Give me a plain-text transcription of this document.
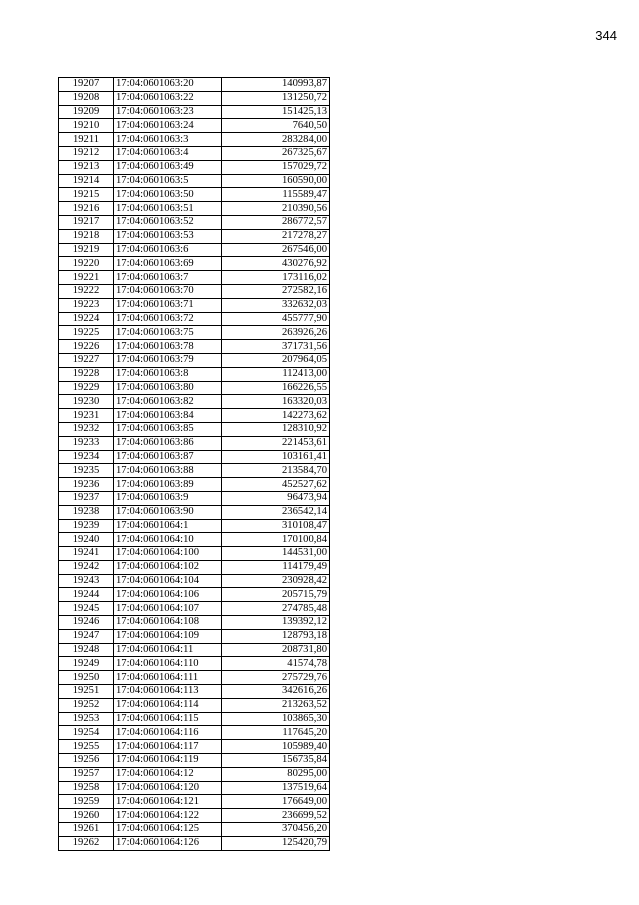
344
19207	17:04:0601063:20	140993,87
19208	17:04:0601063:22	131250,72
19209	17:04:0601063:23	151425,13
19210	17:04:0601063:24	7640,50
19211	17:04:0601063:3	283284,00
19212	17:04:0601063:4	267325,67
19213	17:04:0601063:49	157029,72
19214	17:04:0601063:5	160590,00
19215	17:04:0601063:50	115589,47
19216	17:04:0601063:51	210390,56
19217	17:04:0601063:52	286772,57
19218	17:04:0601063:53	217278,27
19219	17:04:0601063:6	267546,00
19220	17:04:0601063:69	430276,92
19221	17:04:0601063:7	173116,02
19222	17:04:0601063:70	272582,16
19223	17:04:0601063:71	332632,03
19224	17:04:0601063:72	455777,90
19225	17:04:0601063:75	263926,26
19226	17:04:0601063:78	371731,56
19227	17:04:0601063:79	207964,05
19228	17:04:0601063:8	112413,00
19229	17:04:0601063:80	166226,55
19230	17:04:0601063:82	163320,03
19231	17:04:0601063:84	142273,62
19232	17:04:0601063:85	128310,92
19233	17:04:0601063:86	221453,61
19234	17:04:0601063:87	103161,41
19235	17:04:0601063:88	213584,70
19236	17:04:0601063:89	452527,62
19237	17:04:0601063:9	96473,94
19238	17:04:0601063:90	236542,14
19239	17:04:0601064:1	310108,47
19240	17:04:0601064:10	170100,84
19241	17:04:0601064:100	144531,00
19242	17:04:0601064:102	114179,49
19243	17:04:0601064:104	230928,42
19244	17:04:0601064:106	205715,79
19245	17:04:0601064:107	274785,48
19246	17:04:0601064:108	139392,12
19247	17:04:0601064:109	128793,18
19248	17:04:0601064:11	208731,80
19249	17:04:0601064:110	41574,78
19250	17:04:0601064:111	275729,76
19251	17:04:0601064:113	342616,26
19252	17:04:0601064:114	213263,52
19253	17:04:0601064:115	103865,30
19254	17:04:0601064:116	117645,20
19255	17:04:0601064:117	105989,40
19256	17:04:0601064:119	156735,84
19257	17:04:0601064:12	80295,00
19258	17:04:0601064:120	137519,64
19259	17:04:0601064:121	176649,00
19260	17:04:0601064:122	236699,52
19261	17:04:0601064:125	370456,20
19262	17:04:0601064:126	125420,79
